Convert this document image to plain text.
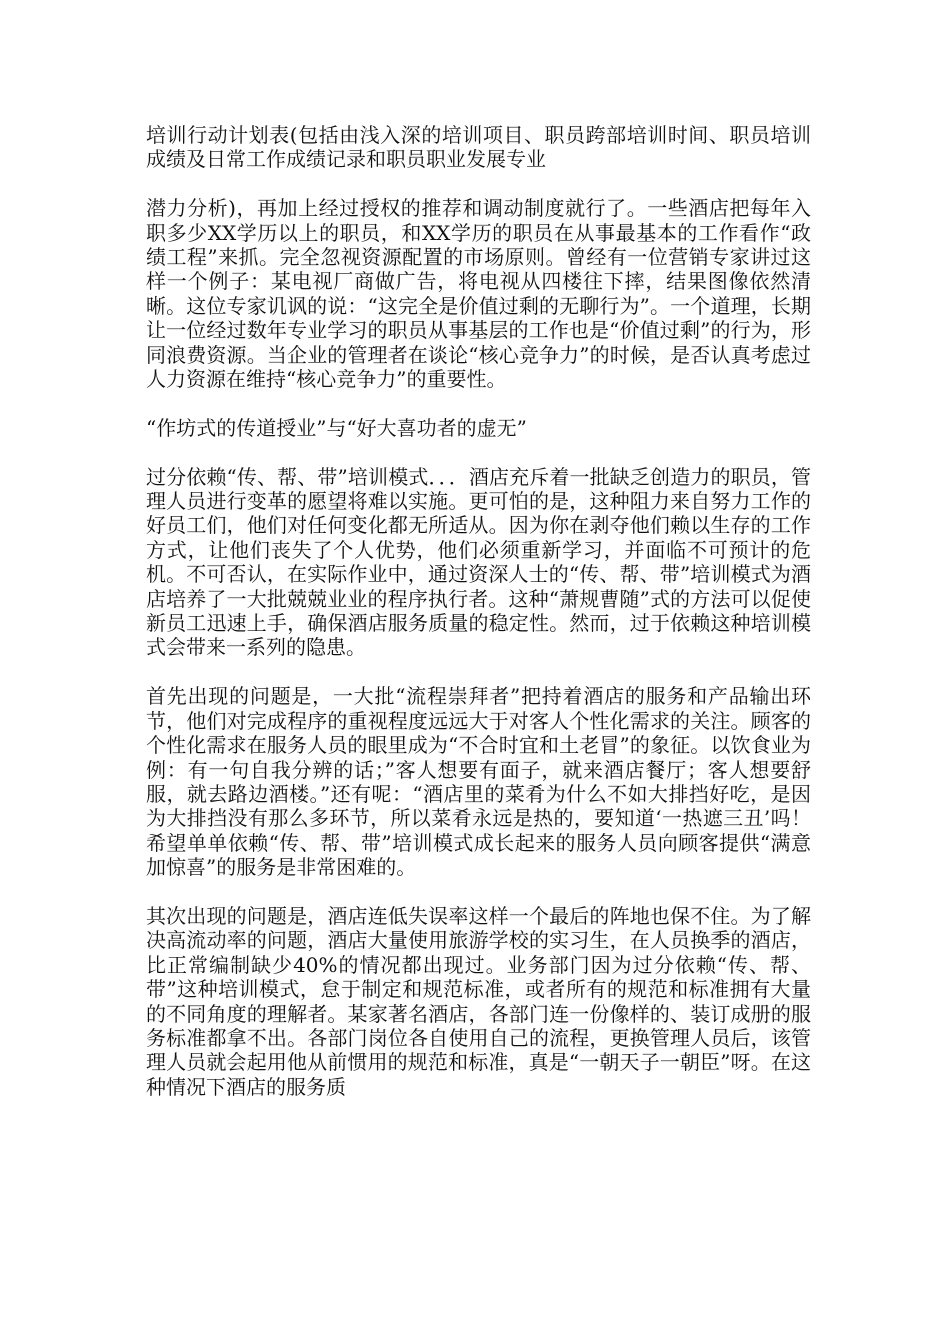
培训行动计划表(包括由浅入深的培训项目、职员跨部培训时间、职员培训成绩及日常工作成绩记录和职员职业发展专业

潜力分析)，再加上经过授权的推荐和调动制度就行了。一些酒店把每年入职多少XX学历以上的职员，和XX学历的职员在从事最基本的工作看作“政绩工程”来抓。完全忽视资源配置的市场原则。曾经有一位营销专家讲过这样一个例子：某电视厂商做广告，将电视从四楼往下摔，结果图像依然清晰。这位专家讥讽的说：“这完全是价值过剩的无聊行为”。一个道理，长期让一位经过数年专业学习的职员从事基层的工作也是“价值过剩”的行为，形同浪费资源。当企业的管理者在谈论“核心竞争力”的时候，是否认真考虑过人力资源在维持“核心竞争力”的重要性。

“作坊式的传道授业”与“好大喜功者的虚无”

过分依赖“传、帮、带”培训模式．．．酒店充斥着一批缺乏创造力的职员，管理人员进行变革的愿望将难以实施。更可怕的是，这种阻力来自努力工作的好员工们，他们对任何变化都无所适从。因为你在剥夺他们赖以生存的工作方式，让他们丧失了个人优势，他们必须重新学习，并面临不可预计的危机。不可否认，在实际作业中，通过资深人士的“传、帮、带”培训模式为酒店培养了一大批兢兢业业的程序执行者。这种“萧规曹随”式的方法可以促使新员工迅速上手，确保酒店服务质量的稳定性。然而，过于依赖这种培训模式会带来一系列的隐患。

首先出现的问题是，一大批“流程崇拜者”把持着酒店的服务和产品输出环节，他们对完成程序的重视程度远远大于对客人个性化需求的关注。顾客的个性化需求在服务人员的眼里成为“不合时宜和土老冒”的象征。以饮食业为例：有一句自我分辨的话；”客人想要有面子，就来酒店餐厅；客人想要舒服，就去路边酒楼。”还有呢：“酒店里的菜肴为什么不如大排挡好吃，是因为大排挡没有那么多环节，所以菜肴永远是热的，要知道‘一热遮三丑’吗！希望单单依赖“传、帮、带”培训模式成长起来的服务人员向顾客提供“满意加惊喜”的服务是非常困难的。

其次出现的问题是，酒店连低失误率这样一个最后的阵地也保不住。为了解决高流动率的问题，酒店大量使用旅游学校的实习生，在人员换季的酒店，比正常编制缺少40%的情况都出现过。业务部门因为过分依赖“传、帮、带”这种培训模式，怠于制定和规范标准，或者所有的规范和标准拥有大量的不同角度的理解者。某家著名酒店，各部门连一份像样的、装订成册的服务标准都拿不出。各部门岗位各自使用自己的流程，更换管理人员后，该管理人员就会起用他从前惯用的规范和标准，真是“一朝天子一朝臣”呀。在这种情况下酒店的服务质
